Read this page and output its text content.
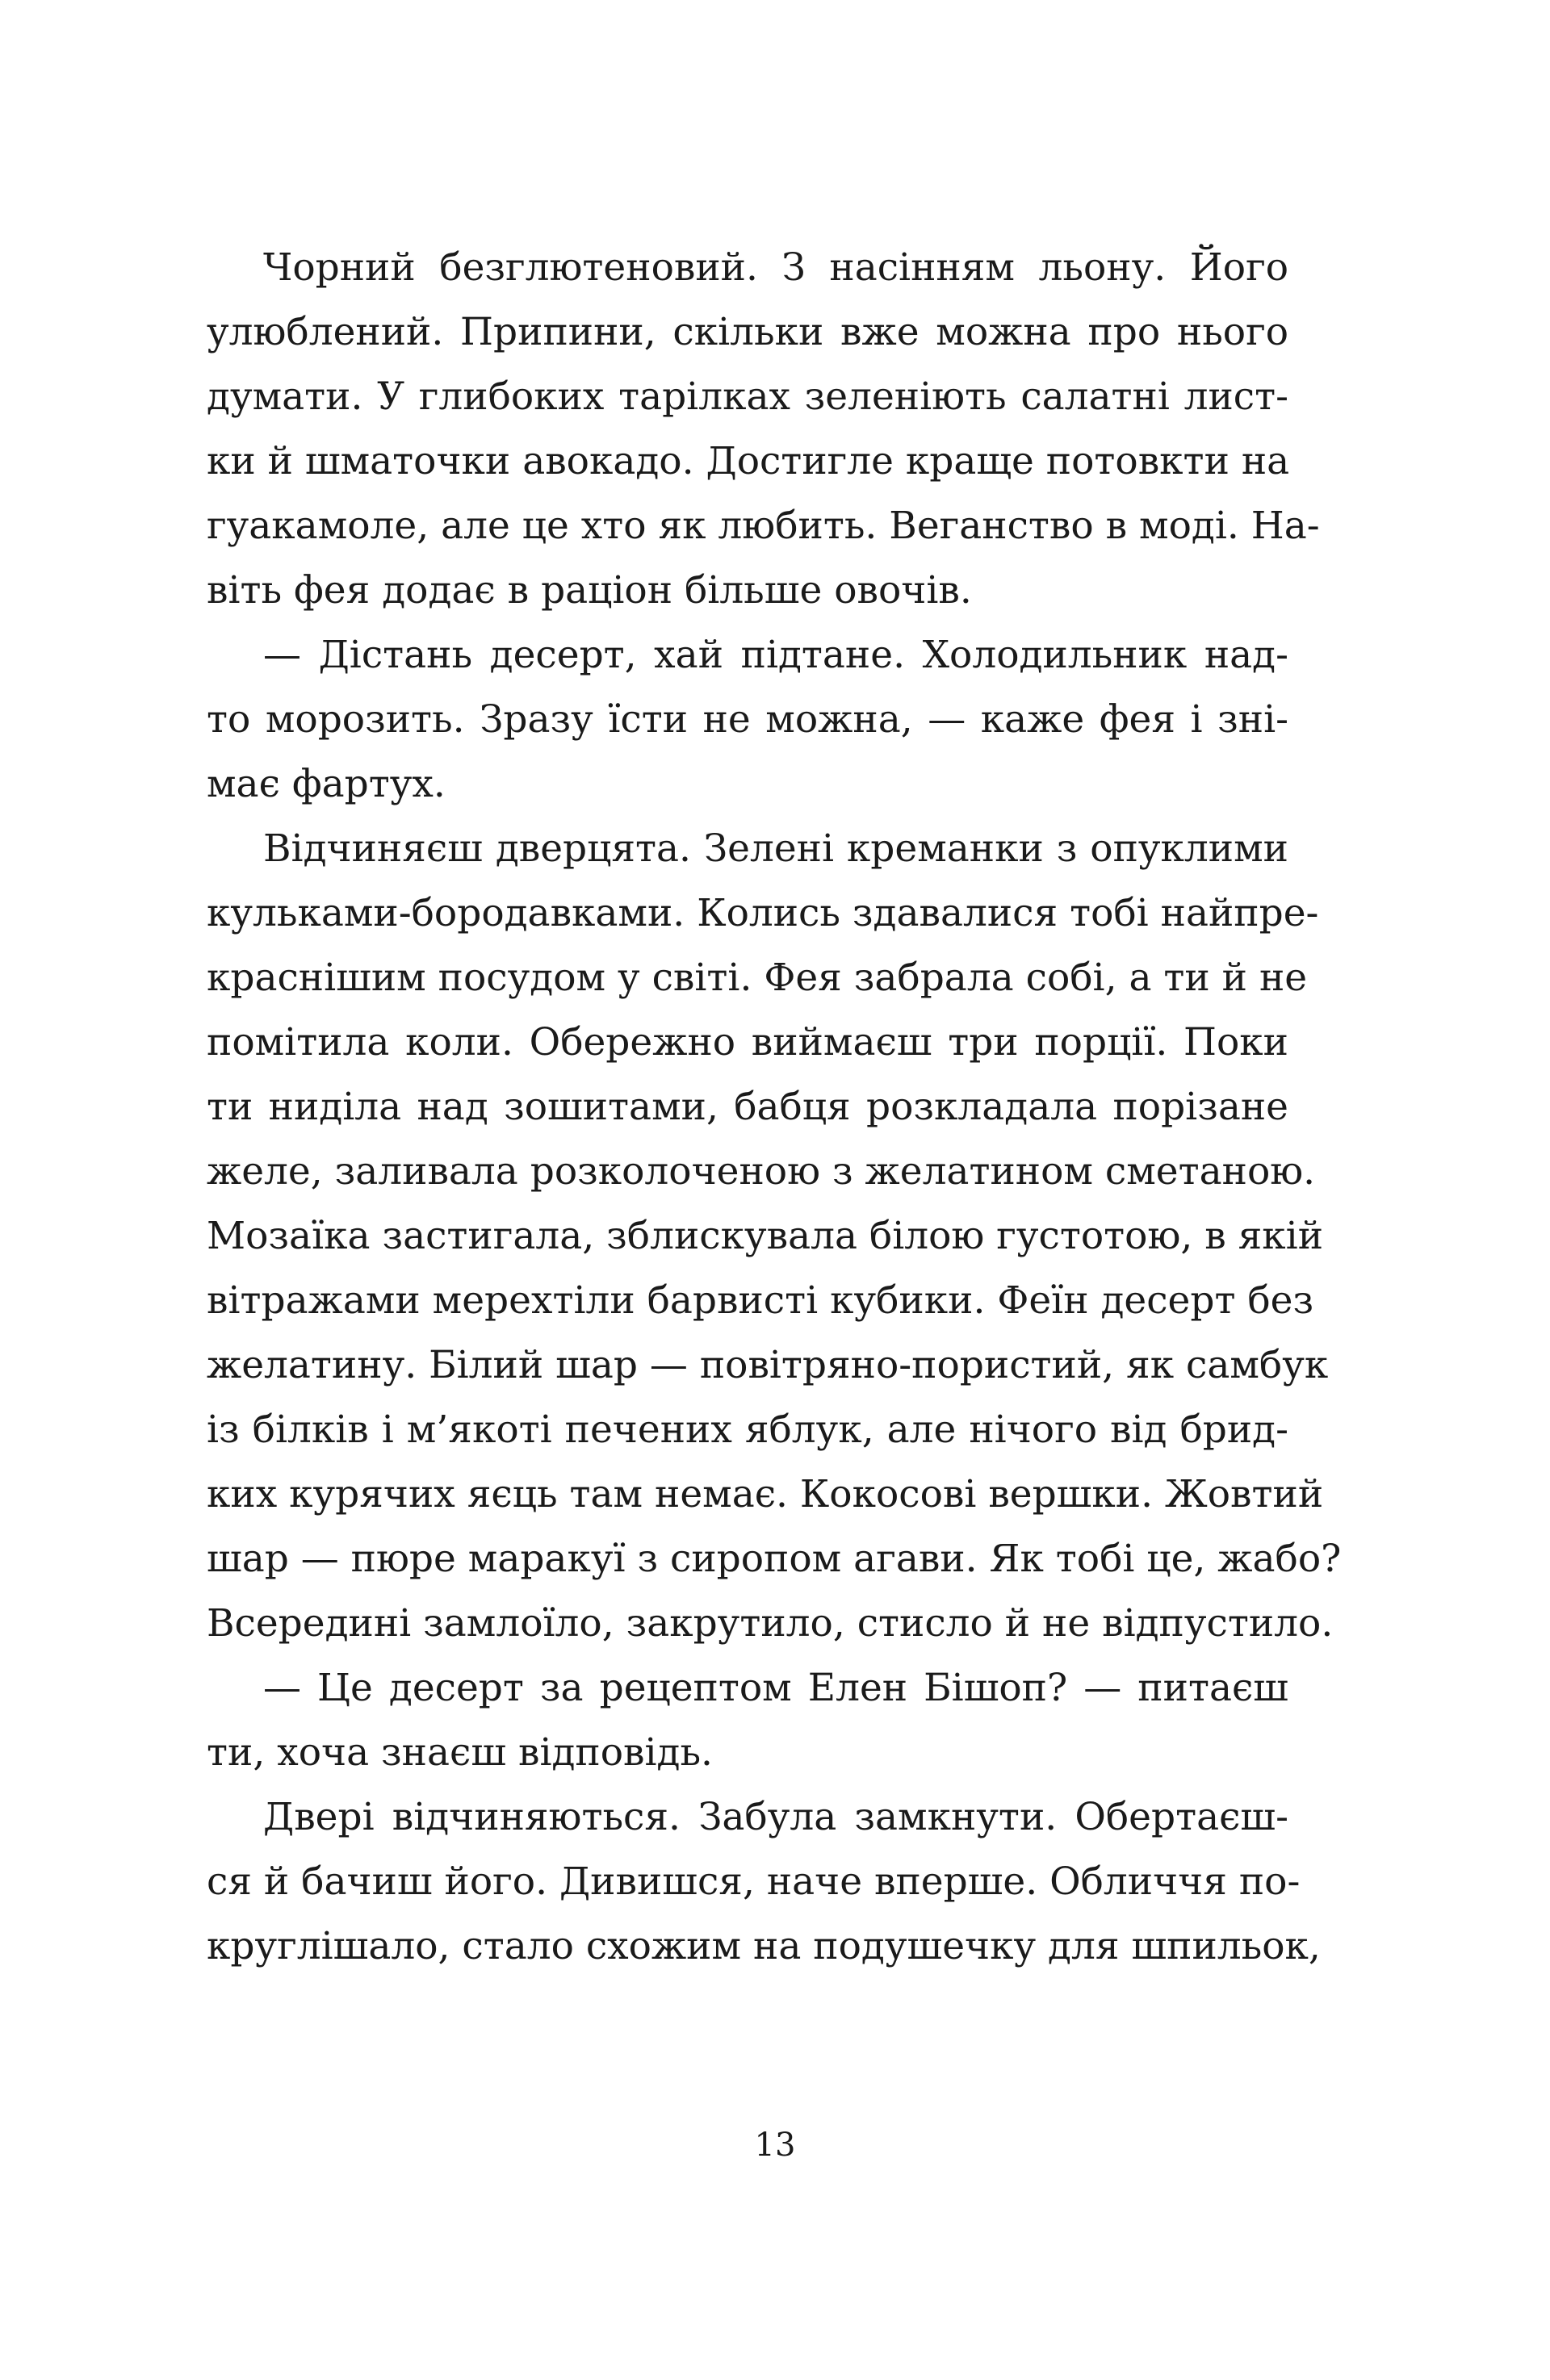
Чорний безглютеновий. З насінням льону. Його
улюблений. Припини, скільки вже можна про нього
думати. У глибоких тарілках зеленіють салатні лист-
ки й шматочки авокадо. Достигле краще потовкти на
гуакамоле, але це хто як любить. Веганство в моді. На-
віть фея додає в раціон більше овочів.
— Дістань десерт, хай підтане. Холодильник над-
то морозить. Зразу їсти не можна, — каже фея і зні-
має фартух.
Відчиняєш дверцята. Зелені креманки з опуклими
кульками-бородавками. Колись здавалися тобі найпре-
краснішим посудом у світі. Фея забрала собі, а ти й не
помітила коли. Обережно виймаєш три порції. Поки
ти ниділа над зошитами, бабця розкладала порізане
желе, заливала розколоченою з желатином сметаною.
Мозаїка застигала, зблискувала білою густотою, в якій
вітражами мерехтіли барвисті кубики. Феїн десерт без
желатину. Білий шар — повітряно-пористий, як самбук
із білків і м’якоті печених яблук, але нічого від брид-
ких курячих яєць там немає. Кокосові вершки. Жовтий
шар — пюре маракуї з сиропом агави. Як тобі це, жабо?
Всередині замлоїло, закрутило, стисло й не відпустило.
— Це десерт за рецептом Елен Бішоп? — питаєш
ти, хоча знаєш відповідь.
Двері відчиняються. Забула замкнути. Обертаєш-
ся й бачиш його. Дивишся, наче вперше. Обличчя по-
круглішало, стало схожим на подушечку для шпильок,
13
